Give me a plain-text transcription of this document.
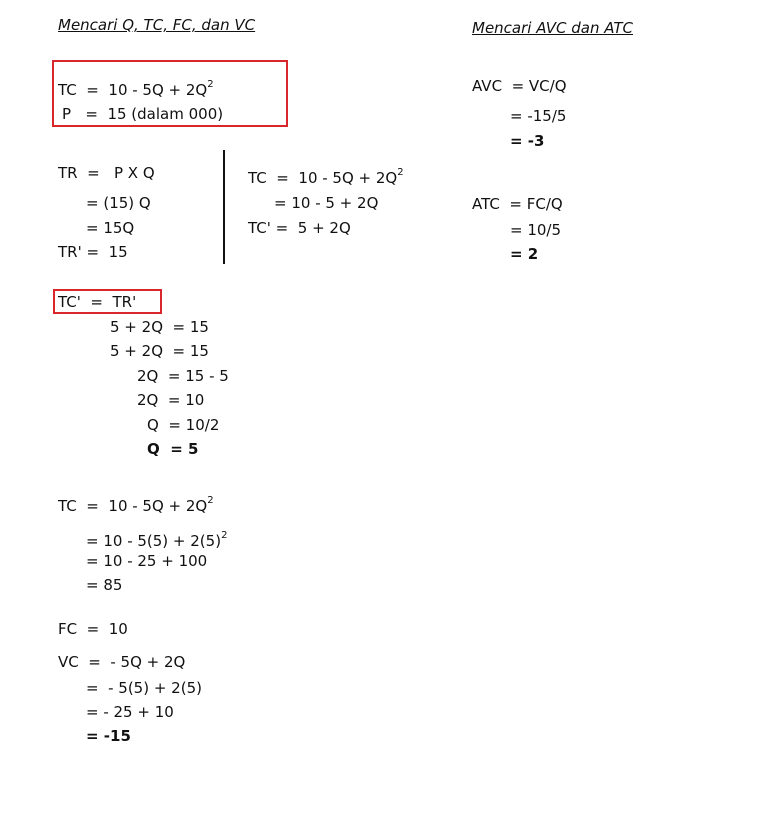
Mencari Q, TC, FC, dan VC	Mencari AVC dan ATC
TC  =  $10 - 5Q + 2Q^2$
P   =  15 (dalam 000)
TR  =   P X Q
= (15) Q
= 15Q
TR' =  15
TC  =  $10 - 5Q + 2Q^2$
= 10 - 5 + 2Q
TC' =  5 + 2Q
TC'  =  TR'
5 + 2Q  = 15
5 + 2Q  = 15
2Q  = 15 - 5
2Q  = 10
Q  = 10/2
Q  = 5
TC  =  $10 - 5Q + 2Q^2$
= $10 - 5(5) + 2(5)^2$
= 10 - 25 + 100
= 85
FC  =  10
VC  =  - 5Q + 2Q
=  - 5(5) + 2(5)
= - 25 + 10
= -15
AVC  = VC/Q
= -15/5
= -3
ATC  = FC/Q
= 10/5
= 2
